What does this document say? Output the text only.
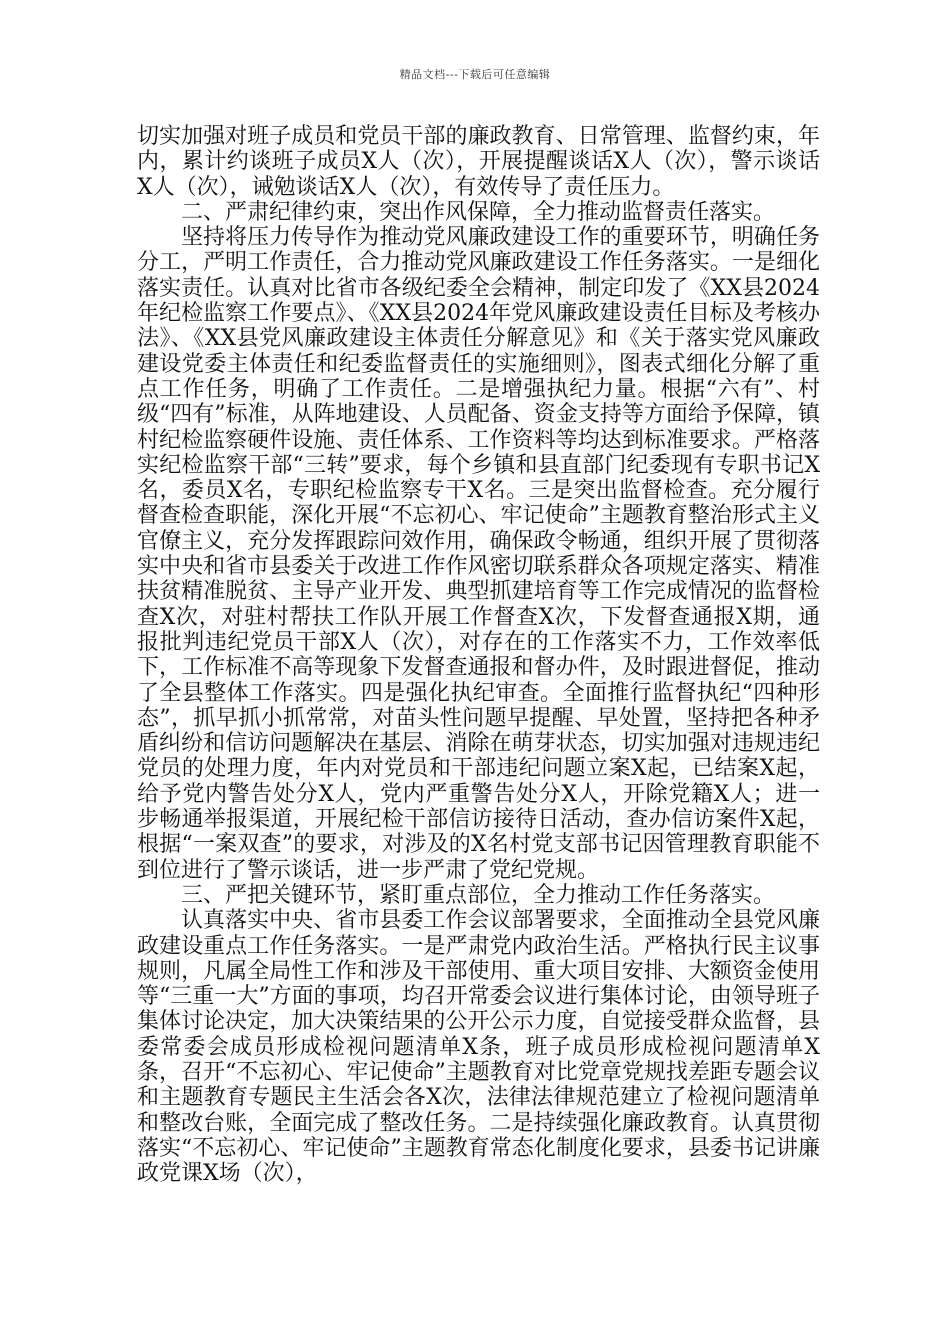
精品文档---下载后可任意编辑

切实加强对班子成员和党员干部的廉政教育、日常管理、监督约束，年内，累计约谈班子成员X人（次），开展提醒谈话X人（次），警示谈话X人（次），诫勉谈话X人（次），有效传导了责任压力。

二、严肃纪律约束，突出作风保障，全力推动监督责任落实。

坚持将压力传导作为推动党风廉政建设工作的重要环节，明确任务分工，严明工作责任，合力推动党风廉政建设工作任务落实。一是细化落实责任。认真对比省市各级纪委全会精神，制定印发了《XX县2024年纪检监察工作要点》、《XX县2024年党风廉政建设责任目标及考核办法》、《XX县党风廉政建设主体责任分解意见》和《关于落实党风廉政建设党委主体责任和纪委监督责任的实施细则》，图表式细化分解了重点工作任务，明确了工作责任。二是增强执纪力量。根据“六有”、村级“四有”标准，从阵地建设、人员配备、资金支持等方面给予保障，镇村纪检监察硬件设施、责任体系、工作资料等均达到标准要求。严格落实纪检监察干部“三转”要求，每个乡镇和县直部门纪委现有专职书记X名，委员X名，专职纪检监察专干X名。三是突出监督检查。充分履行督查检查职能，深化开展“不忘初心、牢记使命”主题教育整治形式主义官僚主义，充分发挥跟踪问效作用，确保政令畅通，组织开展了贯彻落实中央和省市县委关于改进工作作风密切联系群众各项规定落实、精准扶贫精准脱贫、主导产业开发、典型抓建培育等工作完成情况的监督检查X次，对驻村帮扶工作队开展工作督查X次，下发督查通报X期，通报批判违纪党员干部X人（次），对存在的工作落实不力，工作效率低下，工作标准不高等现象下发督查通报和督办件，及时跟进督促，推动了全县整体工作落实。四是强化执纪审查。全面推行监督执纪“四种形态”，抓早抓小抓常常，对苗头性问题早提醒、早处置，坚持把各种矛盾纠纷和信访问题解决在基层、消除在萌芽状态，切实加强对违规违纪党员的处理力度，年内对党员和干部违纪问题立案X起，已结案X起，给予党内警告处分X人，党内严重警告处分X人，开除党籍X人；进一步畅通举报渠道，开展纪检干部信访接待日活动，查办信访案件X起，根据“一案双查”的要求，对涉及的X名村党支部书记因管理教育职能不到位进行了警示谈话，进一步严肃了党纪党规。

三、严把关键环节，紧盯重点部位，全力推动工作任务落实。

认真落实中央、省市县委工作会议部署要求，全面推动全县党风廉政建设重点工作任务落实。一是严肃党内政治生活。严格执行民主议事规则，凡属全局性工作和涉及干部使用、重大项目安排、大额资金使用等“三重一大”方面的事项，均召开常委会议进行集体讨论，由领导班子集体讨论决定，加大决策结果的公开公示力度，自觉接受群众监督，县委常委会成员形成检视问题清单X条，班子成员形成检视问题清单X条，召开“不忘初心、牢记使命”主题教育对比党章党规找差距专题会议和主题教育专题民主生活会各X次，法律法律规范建立了检视问题清单和整改台账，全面完成了整改任务。二是持续强化廉政教育。认真贯彻落实“不忘初心、牢记使命”主题教育常态化制度化要求，县委书记讲廉政党课X场（次），
